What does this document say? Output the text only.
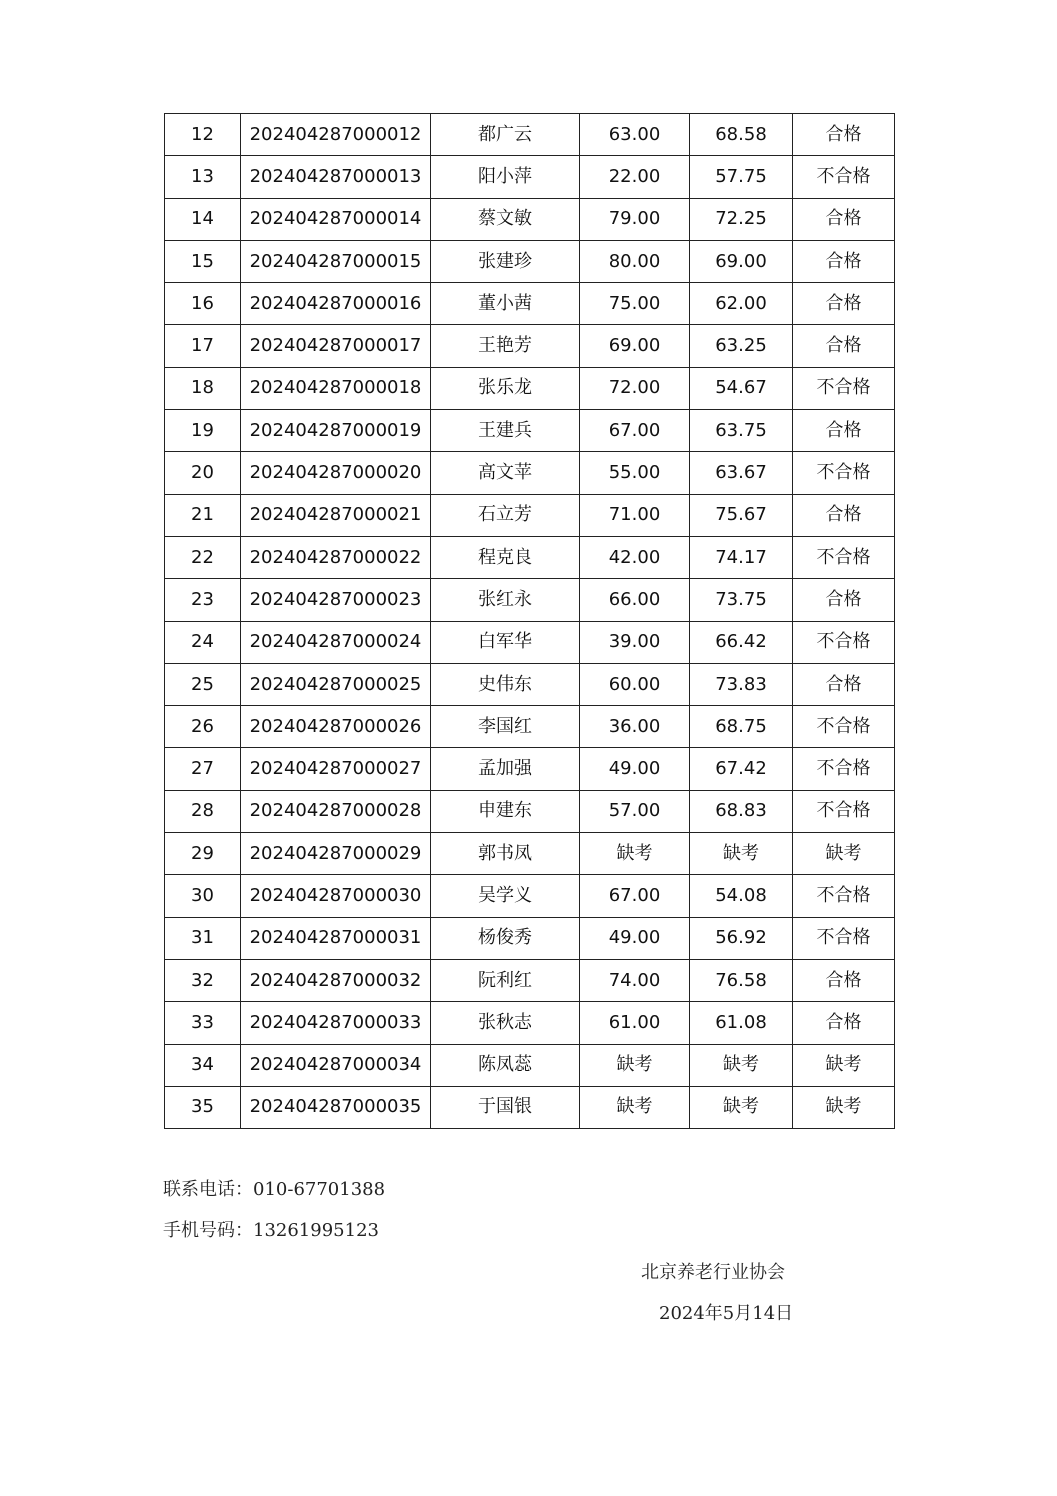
12	202404287000012	都广云	63.00	68.58	合格
13	202404287000013	阳小萍	22.00	57.75	不合格
14	202404287000014	蔡文敏	79.00	72.25	合格
15	202404287000015	张建珍	80.00	69.00	合格
16	202404287000016	董小茜	75.00	62.00	合格
17	202404287000017	王艳芳	69.00	63.25	合格
18	202404287000018	张乐龙	72.00	54.67	不合格
19	202404287000019	王建兵	67.00	63.75	合格
20	202404287000020	高文苹	55.00	63.67	不合格
21	202404287000021	石立芳	71.00	75.67	合格
22	202404287000022	程克良	42.00	74.17	不合格
23	202404287000023	张红永	66.00	73.75	合格
24	202404287000024	白军华	39.00	66.42	不合格
25	202404287000025	史伟东	60.00	73.83	合格
26	202404287000026	李国红	36.00	68.75	不合格
27	202404287000027	孟加强	49.00	67.42	不合格
28	202404287000028	申建东	57.00	68.83	不合格
29	202404287000029	郭书凤	缺考	缺考	缺考
30	202404287000030	吴学义	67.00	54.08	不合格
31	202404287000031	杨俊秀	49.00	56.92	不合格
32	202404287000032	阮利红	74.00	76.58	合格
33	202404287000033	张秋志	61.00	61.08	合格
34	202404287000034	陈凤蕊	缺考	缺考	缺考
35	202404287000035	于国银	缺考	缺考	缺考
联系电话：010-67701388
手机号码：13261995123
北京养老行业协会
2024年5月14日
